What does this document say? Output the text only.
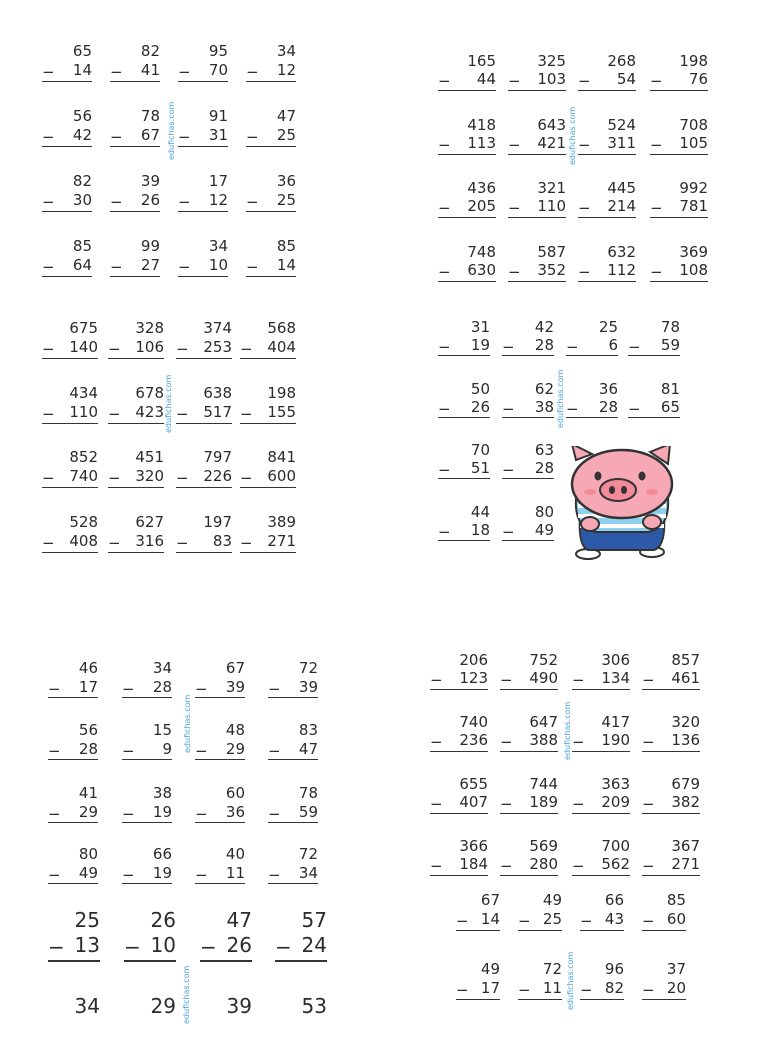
65
− 14
82
− 41
95
− 70
34
− 12
56
− 42
78
− 67
91
− 31
47
− 25
82
− 30
39
− 26
17
− 12
36
− 25
85
− 64
99
− 27
34
− 10
85
− 14
165
− 44
325
− 103
268
− 54
198
− 76
418
− 113
643
− 421
524
− 311
708
− 105
436
− 205
321
− 110
445
− 214
992
− 781
748
− 630
587
− 352
632
− 112
369
− 108
675
− 140
328
− 106
374
− 253
568
− 404
434
− 110
678
− 423
638
− 517
198
− 155
852
− 740
451
− 320
797
− 226
841
− 600
528
− 408
627
− 316
197
− 83
389
− 271
31
− 19
42
− 28
25
− 6
78
− 59
50
− 26
62
− 38
36
− 28
81
− 65
70
− 51
63
− 28
44
− 18
80
− 49
46
− 17
34
− 28
67
− 39
72
− 39
56
− 28
15
− 9
48
− 29
83
− 47
41
− 29
38
− 19
60
− 36
78
− 59
80
− 49
66
− 19
40
− 11
72
− 34
25
− 13
26
− 10
47
− 26
57
− 24
34	29	39 53
206
− 123
752
− 490
306
− 134
857
− 461
740
− 236
647
− 388
417
− 190
320
− 136
655
− 407
744
− 189
363
− 209
679
− 382
366
− 184
569
− 280
700
− 562
367
− 271
67
− 14
49
− 25
66
− 43
85
− 60
49
− 17
72
− 11
96
− 82
37
− 20
edufichas.com	edufichas.com
edufichas.com	edufichas.com
edufichas.com	edufichas.com
edufichas.com	edufichas.com
